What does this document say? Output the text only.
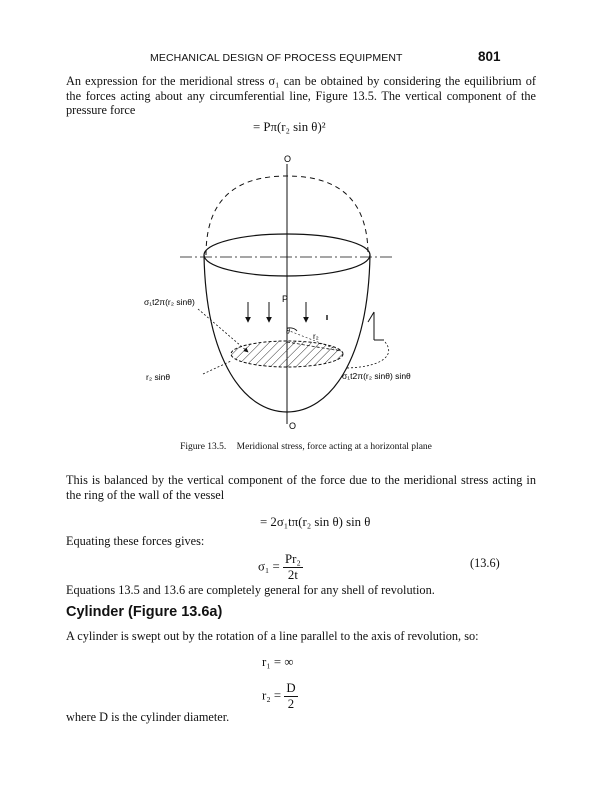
MECHANICAL DESIGN OF PROCESS EQUIPMENT	801

An expression for the meridional stress σ₁ can be obtained by considering the equilibrium of the forces acting about any circumferential line, Figure 13.5. The vertical component of the pressure force

= Pπ(r₂ sin θ)²
O
O
P
θ
r₂
σ₁t2π(r₂ sinθ)
r₂ sinθ	σ₁t2π(r₂ sinθ) sinθ
Figure 13.5. Meridional stress, force acting at a horizontal plane

This is balanced by the vertical component of the force due to the meridional stress acting in the ring of the wall of the vessel

= 2σ₁tπ(r₂ sin θ) sin θ

Equating these forces gives:

$\sigma_1 = \frac{\text{Pr₂}}{2t}$	(13.6)

Equations 13.5 and 13.6 are completely general for any shell of revolution.

Cylinder (Figure 13.6a)

A cylinder is swept out by the rotation of a line parallel to the axis of revolution, so:

r₁ = ∞
$r_2 = \frac{D}{2}$

where D is the cylinder diameter.
